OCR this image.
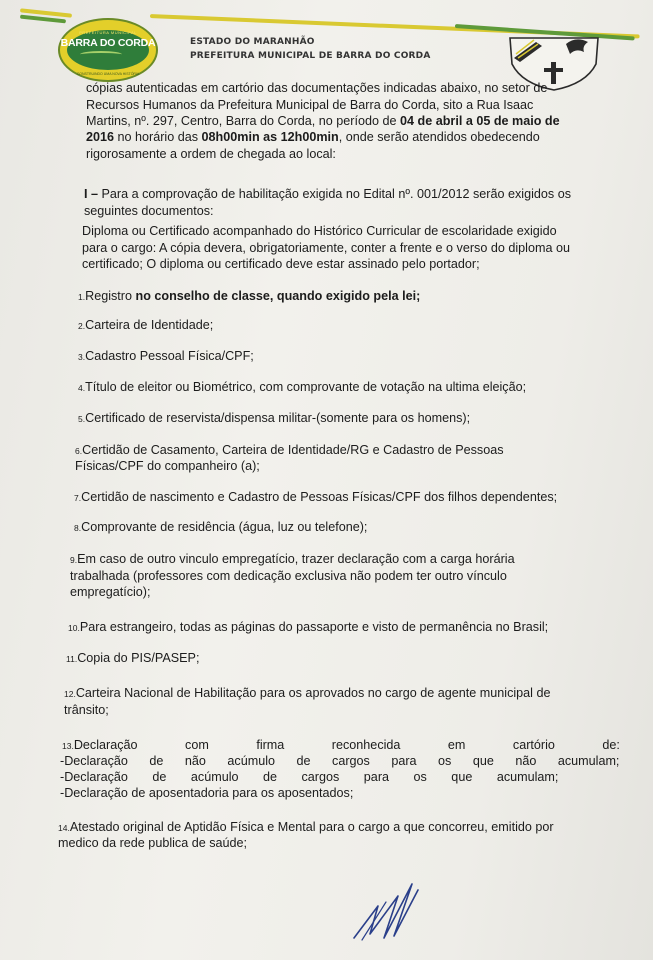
PREFEITURA MUNICIPAL
BARRA DO CORDA
CONSTRUINDO UMA NOVA HISTÓRIA
ESTADO DO MARANHÃO
PREFEITURA MUNICIPAL DE BARRA DO CORDA
cópias autenticadas em cartório das documentações indicadas abaixo, no setor de
Recursos Humanos da Prefeitura Municipal de Barra do Corda, sito a Rua Isaac
Martins, nº. 297, Centro, Barra do Corda, no período de 04 de abril a 05 de maio de
2016 no horário das 08h00min as 12h00min, onde serão atendidos obedecendo
rigorosamente a ordem de chegada ao local:
I – Para a comprovação de habilitação exigida no Edital nº. 001/2012 serão exigidos os
seguintes documentos:
Diploma ou Certificado acompanhado do Histórico Curricular de escolaridade exigido
para o cargo: A cópia devera, obrigatoriamente, conter a frente e o verso do diploma ou
certificado; O diploma ou certificado deve estar assinado pelo portador;
1.Registro no conselho de classe, quando exigido pela lei;
2.Carteira de Identidade;
3.Cadastro Pessoal Física/CPF;
4.Título de eleitor ou Biométrico, com comprovante de votação na ultima eleição;
5.Certificado de reservista/dispensa militar-(somente para os homens);
6.Certidão de Casamento, Carteira de Identidade/RG e Cadastro de Pessoas
Físicas/CPF do companheiro (a);
7.Certidão de nascimento e Cadastro de Pessoas Físicas/CPF dos filhos dependentes;
8.Comprovante de residência (água, luz ou telefone);
9.Em caso de outro vinculo empregatício, trazer declaração com a carga horária
trabalhada (professores com dedicação exclusiva não podem ter outro vínculo
empregatício);
10.Para estrangeiro, todas as páginas do passaporte e visto de permanência no Brasil;
11.Copia do PIS/PASEP;
12.Carteira Nacional de Habilitação para os aprovados no cargo de agente municipal de
trânsito;
13.Declaração com firma reconhecida em cartório de:
-Declaração de não acúmulo de cargos para os que não acumulam;
-Declaração de acúmulo de cargos para os que acumulam;
-Declaração de aposentadoria para os aposentados;
14.Atestado original de Aptidão Física e Mental para o cargo a que concorreu, emitido por
medico da rede publica de saúde;
